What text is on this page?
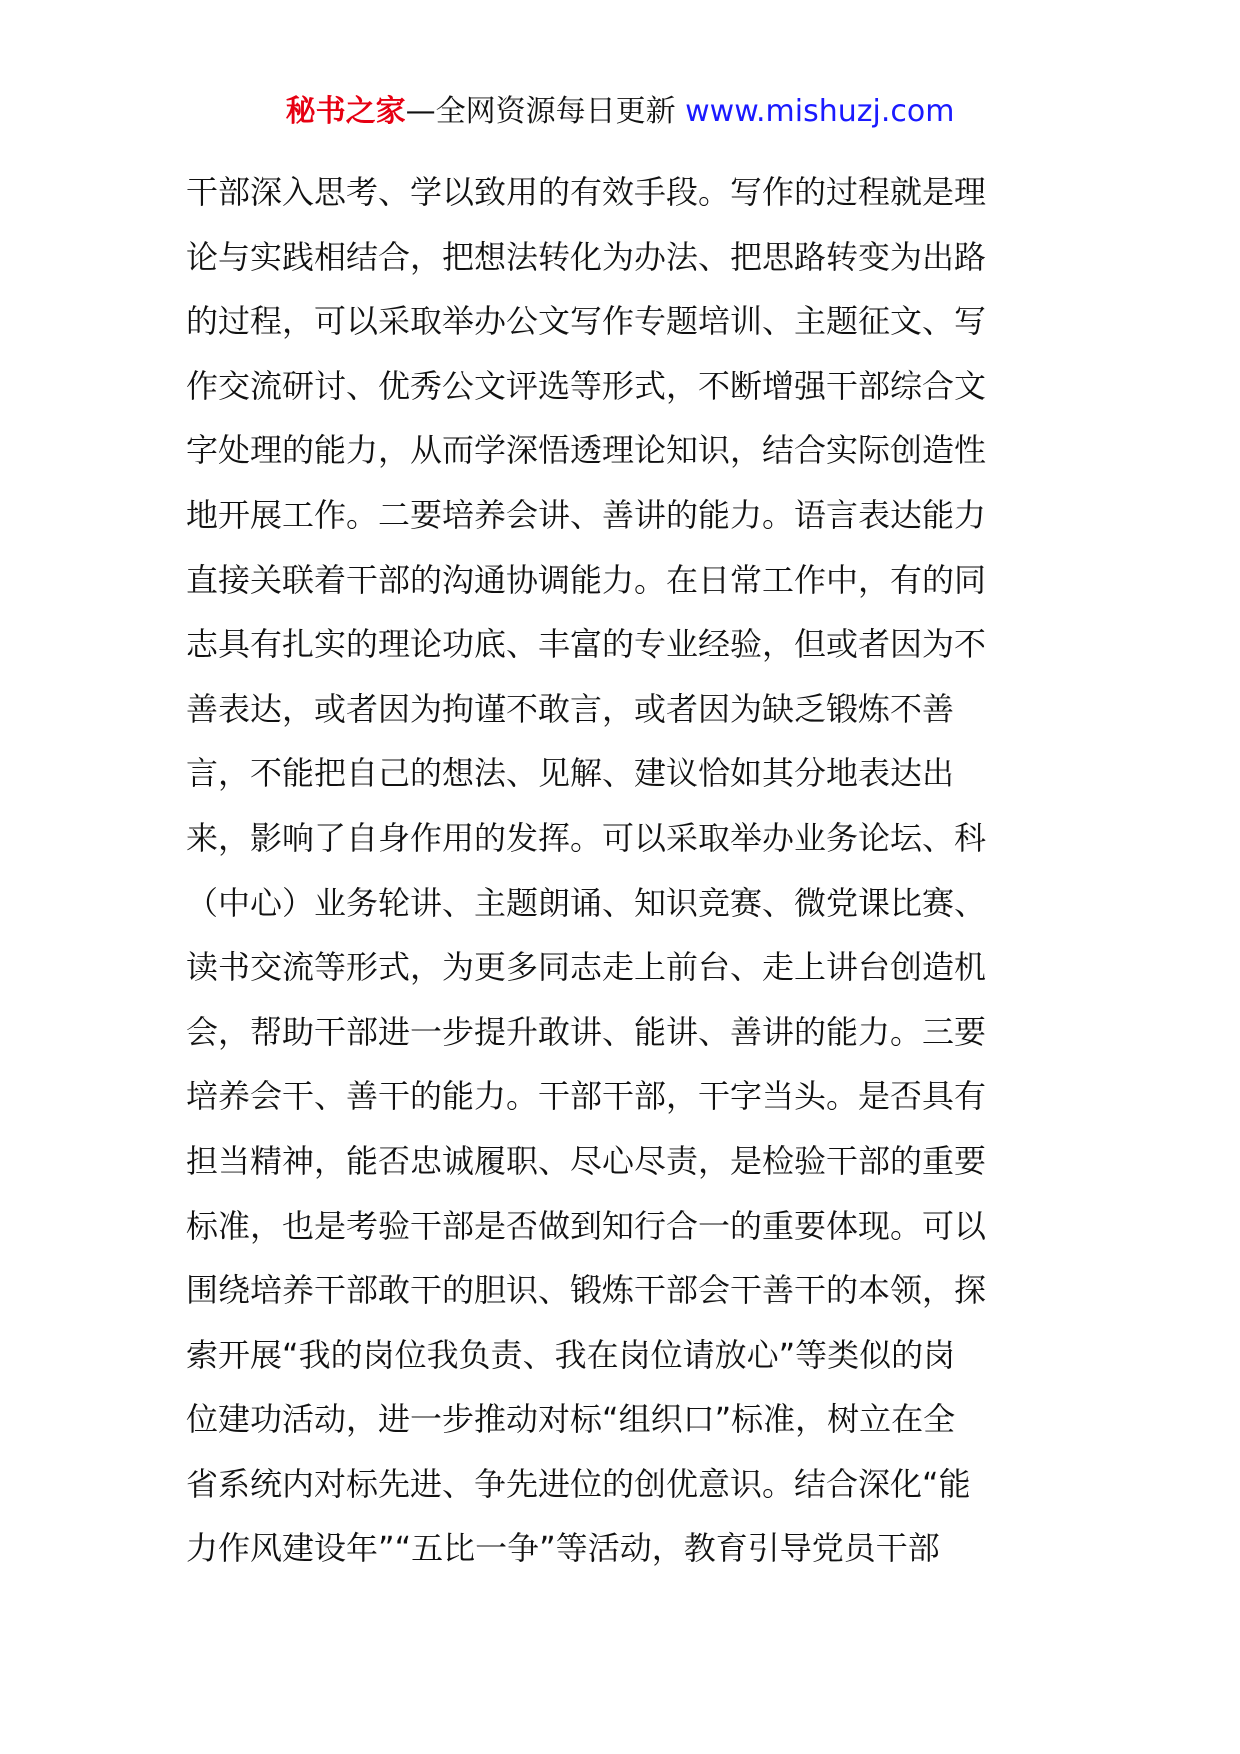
秘书之家—全网资源每日更新 www.mishuzj.com
干部深入思考、学以致用的有效手段。写作的过程就是理
论与实践相结合，把想法转化为办法、把思路转变为出路
的过程，可以采取举办公文写作专题培训、主题征文、写
作交流研讨、优秀公文评选等形式，不断增强干部综合文
字处理的能力，从而学深悟透理论知识，结合实际创造性
地开展工作。二要培养会讲、善讲的能力。语言表达能力
直接关联着干部的沟通协调能力。在日常工作中，有的同
志具有扎实的理论功底、丰富的专业经验，但或者因为不
善表达，或者因为拘谨不敢言，或者因为缺乏锻炼不善
言，不能把自己的想法、见解、建议恰如其分地表达出
来，影响了自身作用的发挥。可以采取举办业务论坛、科
（中心）业务轮讲、主题朗诵、知识竞赛、微党课比赛、
读书交流等形式，为更多同志走上前台、走上讲台创造机
会，帮助干部进一步提升敢讲、能讲、善讲的能力。三要
培养会干、善干的能力。干部干部，干字当头。是否具有
担当精神，能否忠诚履职、尽心尽责，是检验干部的重要
标准，也是考验干部是否做到知行合一的重要体现。可以
围绕培养干部敢干的胆识、锻炼干部会干善干的本领，探
索开展“我的岗位我负责、我在岗位请放心”等类似的岗
位建功活动，进一步推动对标“组织口”标准，树立在全
省系统内对标先进、争先进位的创优意识。结合深化“能
力作风建设年”“五比一争”等活动，教育引导党员干部
